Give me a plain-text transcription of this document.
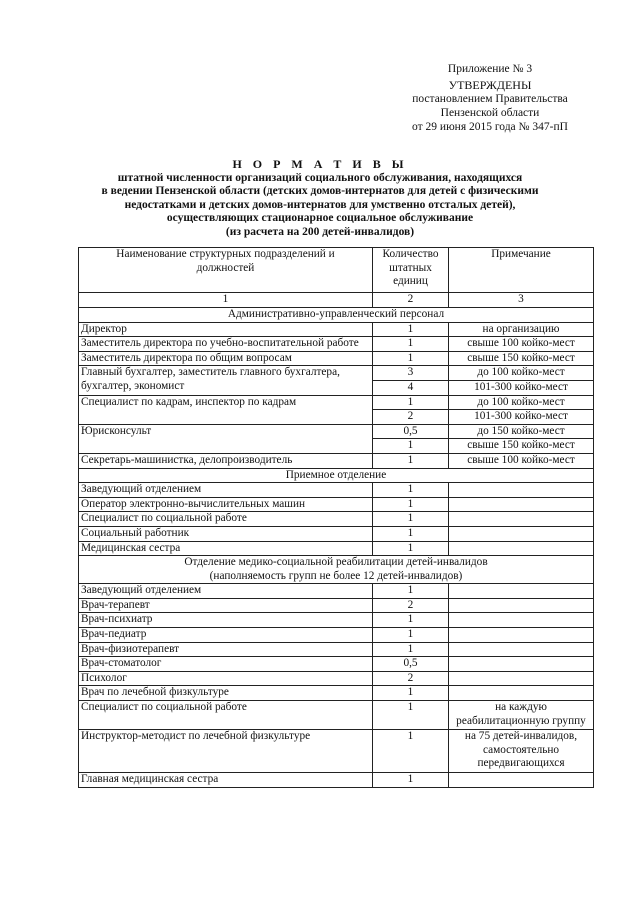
Приложение № 3
УТВЕРЖДЕНЫ
постановлением Правительства
Пензенской области
от 29 июня 2015 года № 347-пП
Н О Р М А Т И В Ы
штатной численности организаций социального обслуживания, находящихся
в ведении Пензенской области (детских домов-интернатов для детей с физическими
недостатками и детских домов-интернатов для умственно отсталых детей),
осуществляющих стационарное социальное обслуживание
(из расчета на 200 детей-инвалидов)
Наименование структурных подразделений и должностей	Количество штатных единиц	Примечание
1	2	3
Административно-управленческий персонал		
Директор	1	на организацию
Заместитель директора по учебно-воспитательной работе	1	свыше 100 койко-мест
Заместитель директора по общим вопросам	1	свыше 150 койко-мест
Главный бухгалтер, заместитель главного бухгалтера, бухгалтер, экономист	3	до 100 койко-мест
	4	101-300 койко-мест
Специалист по кадрам, инспектор по кадрам	1	до 100 койко-мест
	2	101-300 койко-мест
Юрисконсульт	0,5	до 150 койко-мест
	1	свыше 150 койко-мест
Секретарь-машинистка, делопроизводитель	1	свыше 100 койко-мест
Приемное отделение		
Заведующий отделением	1	
Оператор электронно-вычислительных машин	1	
Специалист по социальной работе	1	
Социальный работник	1	
Медицинская сестра	1	

Отделение медико-социальной реабилитации детей-инвалидов
(наполняемость групп не более 12 детей-инвалидов)		

Заведующий отделением	1	
Врач-терапевт	2	
Врач-психиатр	1	
Врач-педиатр	1	
Врач-физиотерапевт	1	
Врач-стоматолог	0,5	
Психолог	2	
Врач по лечебной физкультуре	1	
Специалист по социальной работе	1	на каждую реабилитационную группу
Инструктор-методист по лечебной физкультуре	1	на 75 детей-инвалидов, самостоятельно передвигающихся
Главная медицинская сестра	1	
